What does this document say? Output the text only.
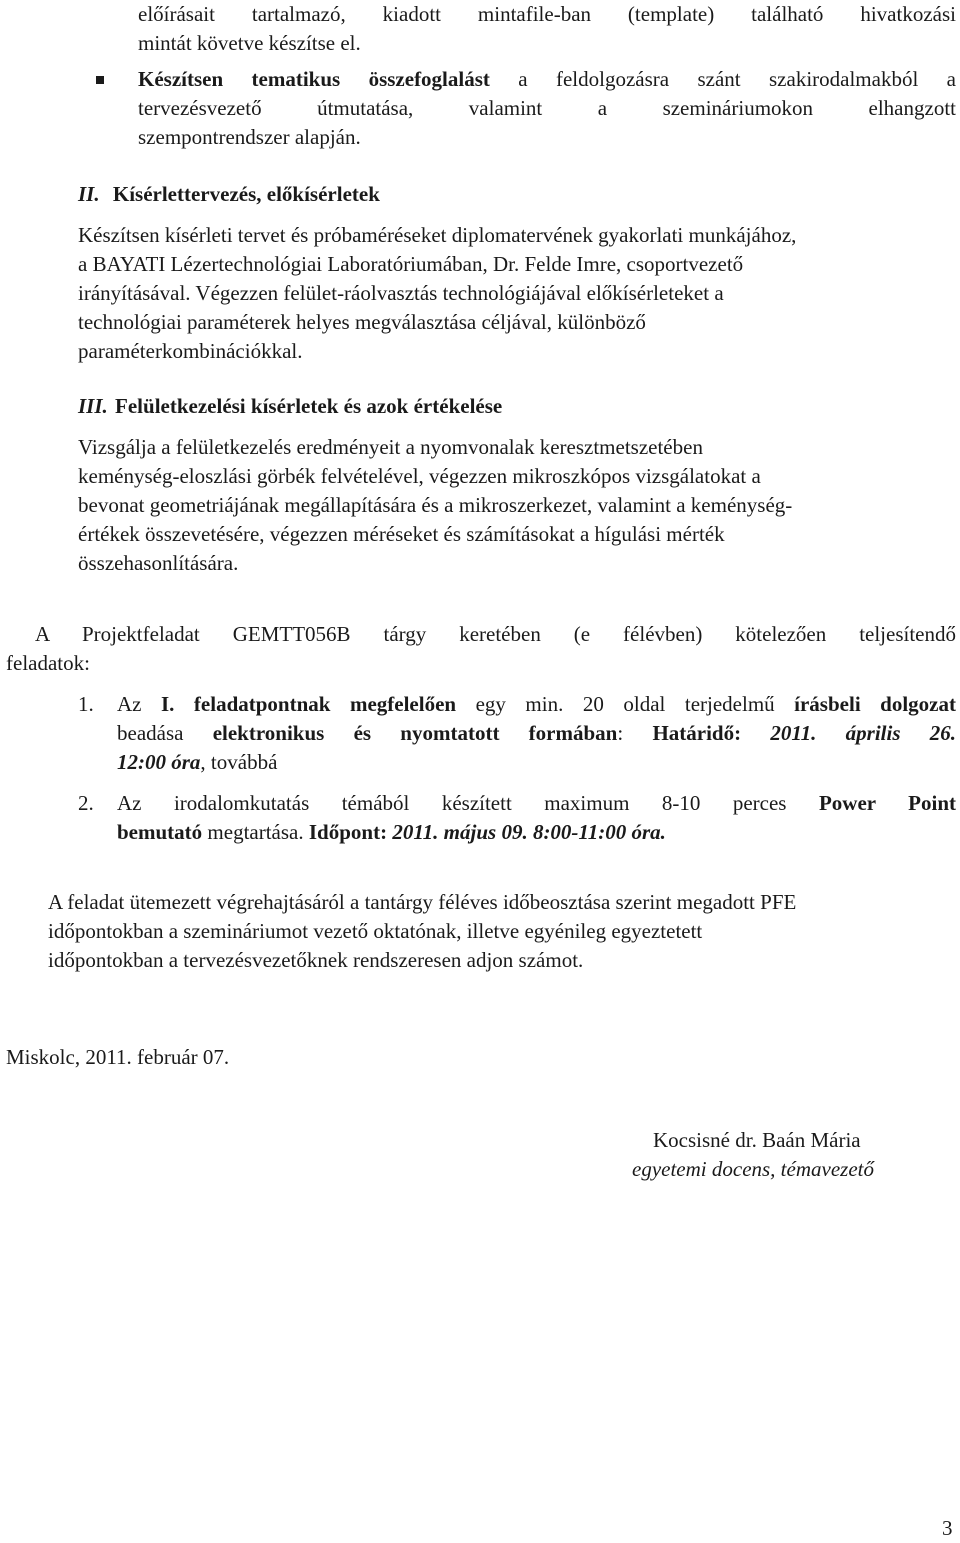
előírásait tartalmazó, kiadott mintafile-ban (template) található hivatkozási
mintát követve készítse el.
Készítsen tematikus összefoglalást a feldolgozásra szánt szakirodalmakból a
tervezésvezető útmutatása, valamint a szemináriumokon elhangzott
szempontrendszer alapján.
II. Kísérlettervezés, előkísérletek
Készítsen kísérleti tervet és próbaméréseket diplomatervének gyakorlati munkájához,
a BAYATI Lézertechnológiai Laboratóriumában, Dr. Felde Imre, csoportvezető
irányításával. Végezzen felület-ráolvasztás technológiájával előkísérleteket a
technológiai paraméterek helyes megválasztása céljával, különböző
paraméterkombinációkkal.
III. Felületkezelési kísérletek és azok értékelése
Vizsgálja a felületkezelés eredményeit a nyomvonalak keresztmetszetében
keménység-eloszlási görbék felvételével, végezzen mikroszkópos vizsgálatokat a
bevonat geometriájának megállapítására és a mikroszerkezet, valamint a keménység-
értékek összevetésére, végezzen méréseket és számításokat a hígulási mérték
összehasonlítására.
A Projektfeladat GEMTT056B tárgy keretében (e félévben) kötelezően teljesítendő
feladatok:
1. Az I. feladatpontnak megfelelően egy min. 20 oldal terjedelmű írásbeli dolgozat
beadása elektronikus és nyomtatott formában: Határidő: 2011. április 26.
12:00 óra, továbbá
2. Az irodalomkutatás témából készített maximum 8-10 perces Power Point
bemutató megtartása. Időpont: 2011. május 09. 8:00-11:00 óra.
A feladat ütemezett végrehajtásáról a tantárgy féléves időbeosztása szerint megadott PFE
időpontokban a szemináriumot vezető oktatónak, illetve egyénileg egyeztetett
időpontokban a tervezésvezetőknek rendszeresen adjon számot.
Miskolc, 2011. február 07.
Kocsisné dr. Baán Mária
egyetemi docens, témavezető
3
